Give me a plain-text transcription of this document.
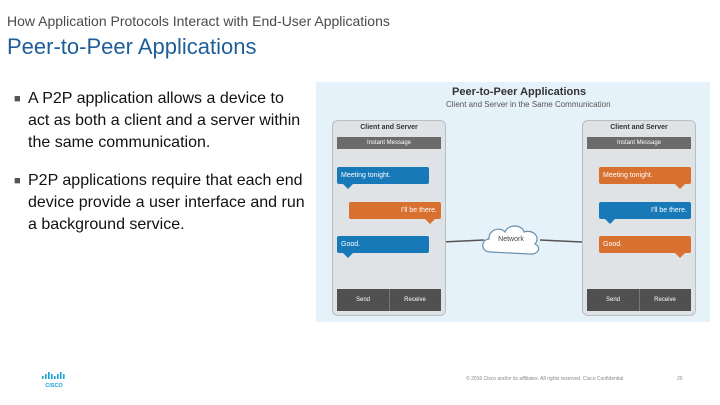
How Application Protocols Interact with End-User Applications
Peer-to-Peer Applications
■ A P2P application allows a device to act as both a client and a server within the same communication.
■ P2P applications require that each end device provide a user interface and run a background service.
Peer-to-Peer Applications
Client and Server in the Same Communication
Client and Server
Instant Message
Meeting tonight.
I'll be there.
Good.
Send	Receive
Network
Client and Server
Instant Message
Meeting tonight.
I'll be there.
Good.
Send	Receive
CISCO
© 2016 Cisco and/or its affiliates. All rights reserved. Cisco Confidential	20
